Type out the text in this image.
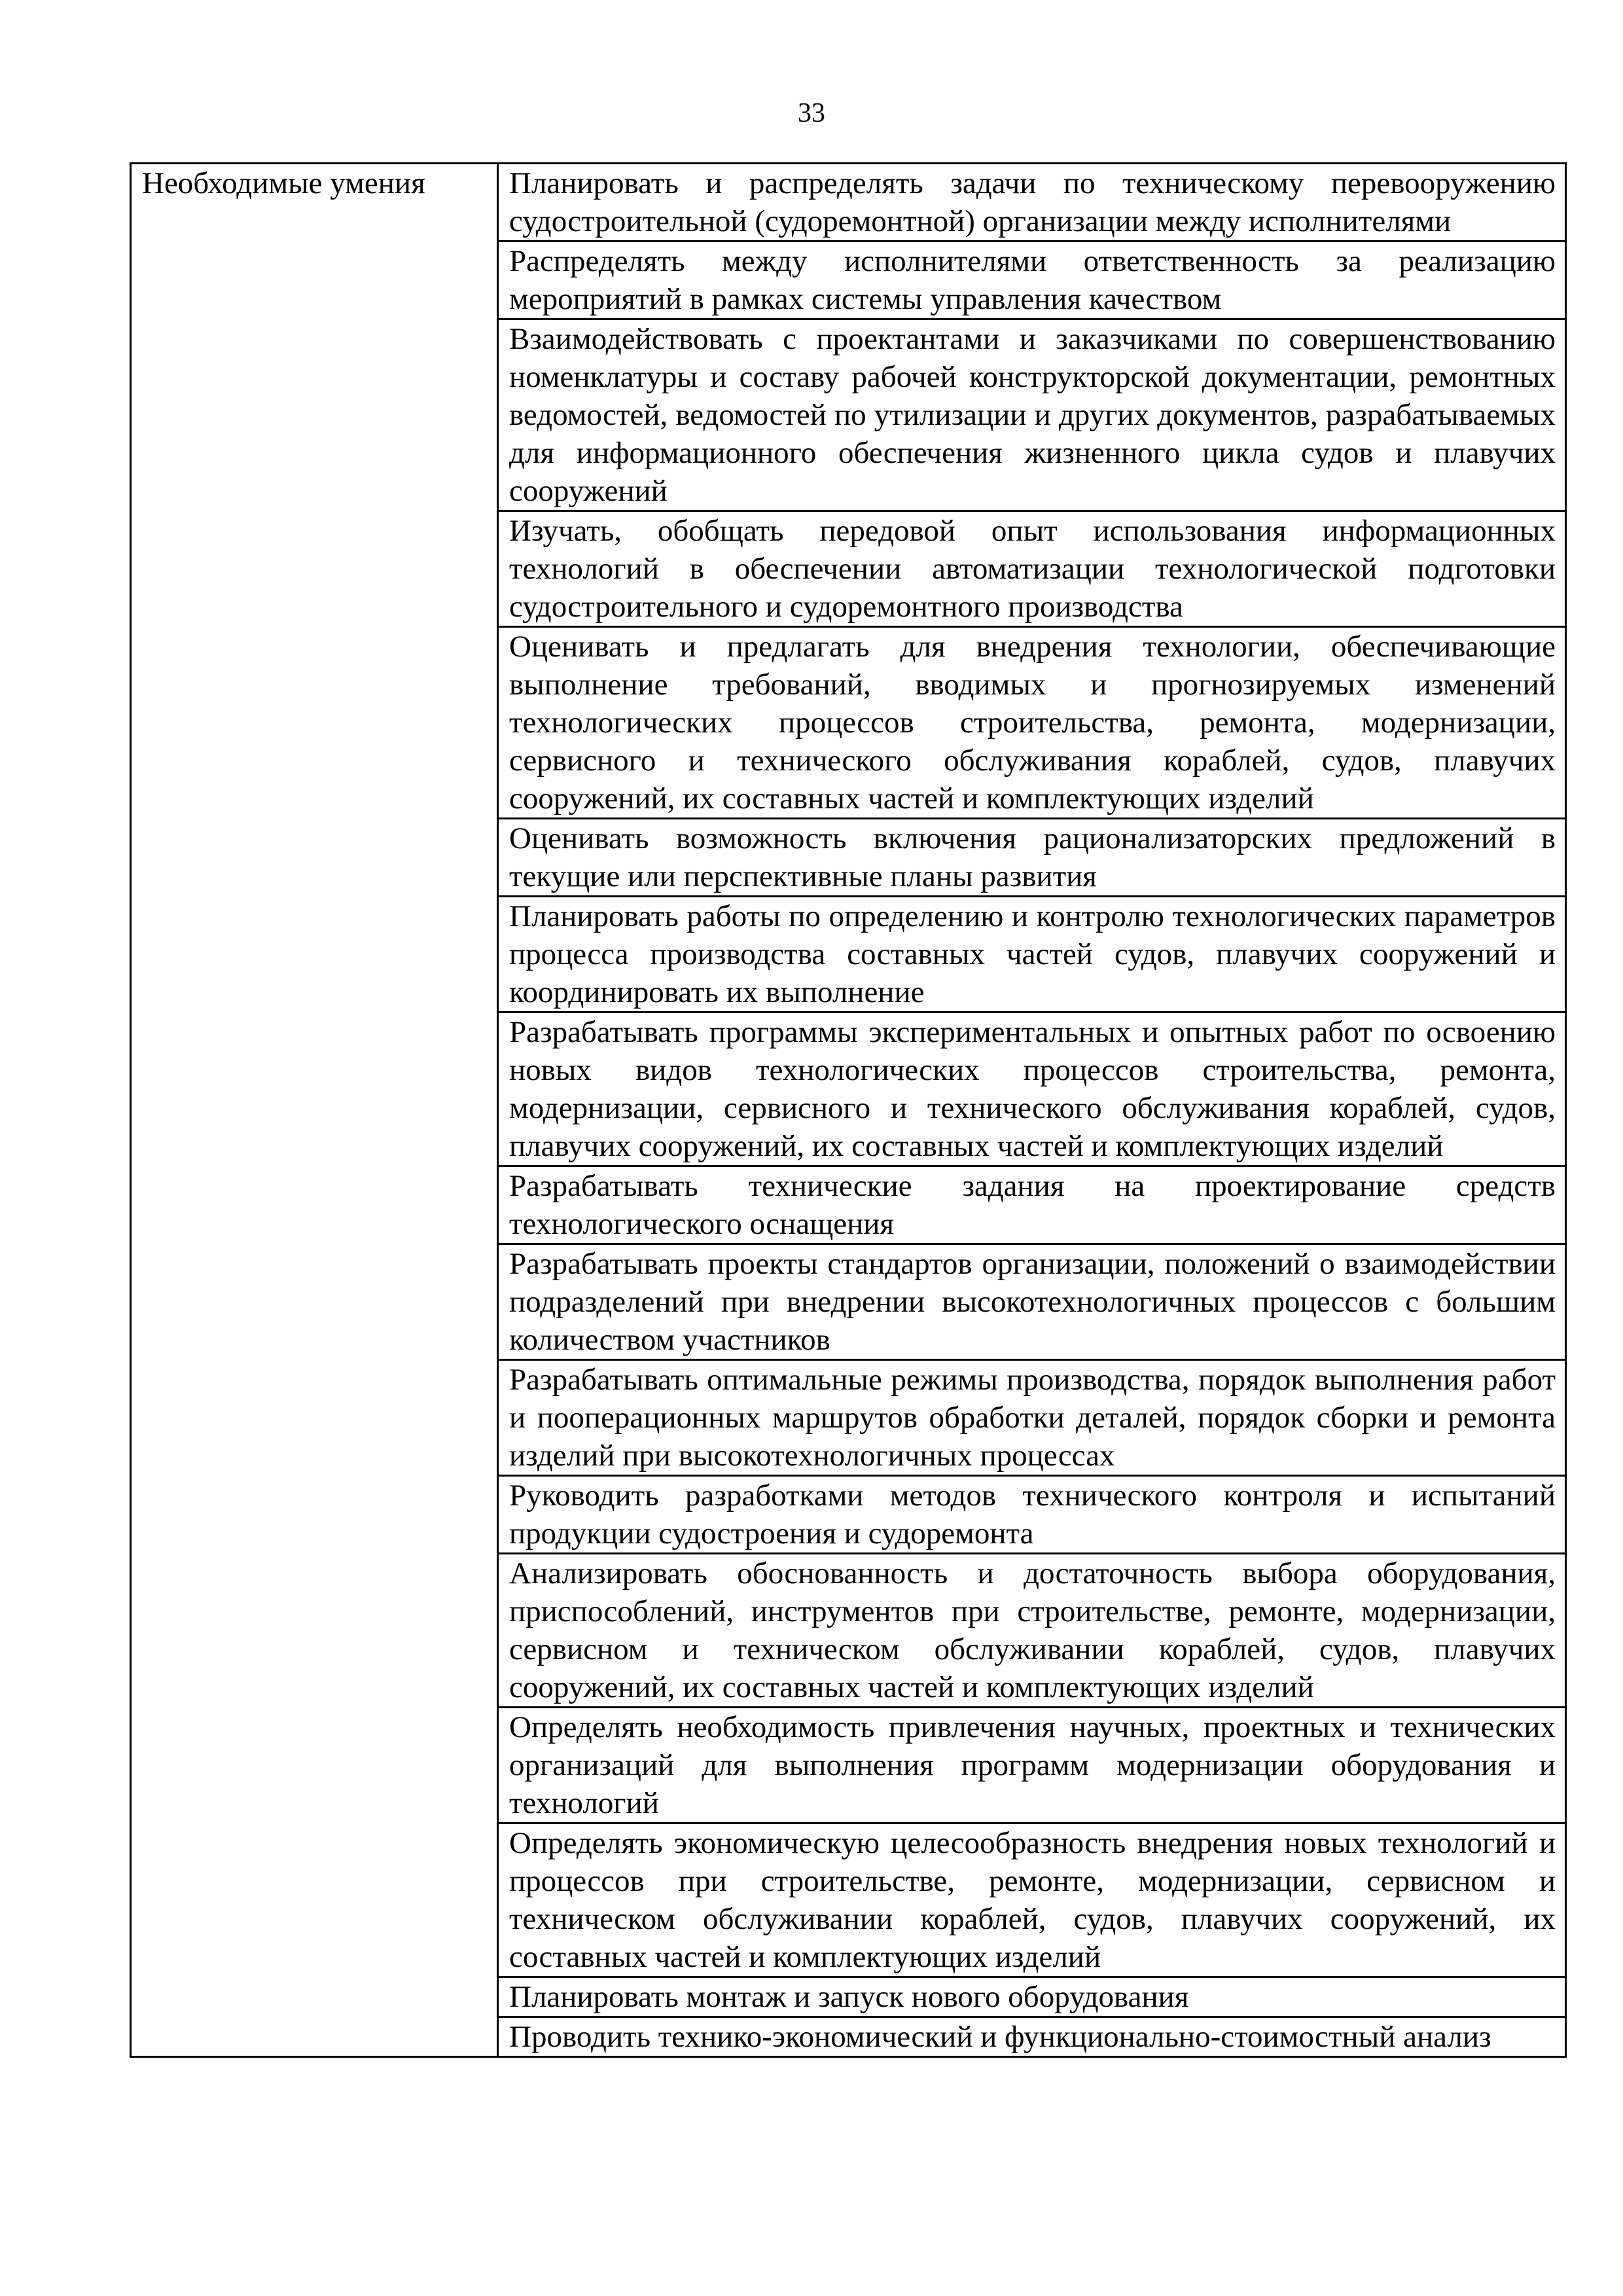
33
Необходимые умения	Планировать и распределять задачи по техническому перевооружению судостроительной (судоремонтной) организации между исполнителями
Распределять между исполнителями ответственность за реализацию мероприятий в рамках системы управления качеством
Взаимодействовать с проектантами и заказчиками по совершенствованию номенклатуры и составу рабочей конструкторской документации, ремонтных ведомостей, ведомостей по утилизации и других документов, разрабатываемых для информационного обеспечения жизненного цикла судов и плавучих сооружений
Изучать, обобщать передовой опыт использования информационных технологий в обеспечении автоматизации технологической подготовки судостроительного и судоремонтного производства
Оценивать и предлагать для внедрения технологии, обеспечивающие выполнение требований, вводимых и прогнозируемых изменений технологических процессов строительства, ремонта, модернизации, сервисного и технического обслуживания кораблей, судов, плавучих сооружений, их составных частей и комплектующих изделий
Оценивать возможность включения рационализаторских предложений в текущие или перспективные планы развития
Планировать работы по определению и контролю технологических параметров процесса производства составных частей судов, плавучих сооружений и координировать их выполнение
Разрабатывать программы экспериментальных и опытных работ по освоению новых видов технологических процессов строительства, ремонта, модернизации, сервисного и технического обслуживания кораблей, судов, плавучих сооружений, их составных частей и комплектующих изделий
Разрабатывать технические задания на проектирование средств технологического оснащения
Разрабатывать проекты стандартов организации, положений о взаимодействии подразделений при внедрении высокотехнологичных процессов с большим количеством участников
Разрабатывать оптимальные режимы производства, порядок выполнения работ и пооперационных маршрутов обработки деталей, порядок сборки и ремонта изделий при высокотехнологичных процессах
Руководить разработками методов технического контроля и испытаний продукции судостроения и судоремонта
Анализировать обоснованность и достаточность выбора оборудования, приспособлений, инструментов при строительстве, ремонте, модернизации, сервисном и техническом обслуживании кораблей, судов, плавучих сооружений, их составных частей и комплектующих изделий
Определять необходимость привлечения научных, проектных и технических организаций для выполнения программ модернизации оборудования и технологий
Определять экономическую целесообразность внедрения новых технологий и процессов при строительстве, ремонте, модернизации, сервисном и техническом обслуживании кораблей, судов, плавучих сооружений, их составных частей и комплектующих изделий
Планировать монтаж и запуск нового оборудования
Проводить технико-экономический и функционально-стоимостный анализ
